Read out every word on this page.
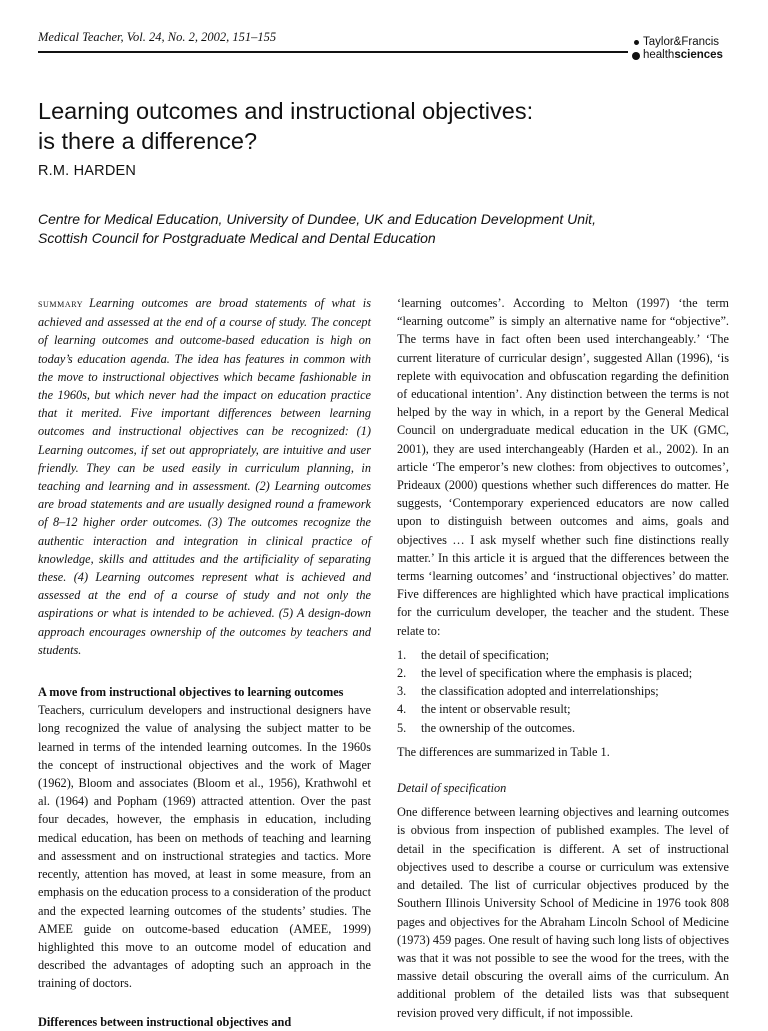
Medical Teacher, Vol. 24, No. 2, 2002, 151–155	Taylor&Francis
health sciences
Learning outcomes and instructional objectives:
is there a difference?
R.M. HARDEN
Centre for Medical Education, University of Dundee, UK and Education Development Unit,
Scottish Council for Postgraduate Medical and Dental Education

summary Learning outcomes are broad statements of what is achieved and assessed at the end of a course of study. The concept of learning outcomes and outcome-based education is high on today’s education agenda. The idea has features in common with the move to instructional objectives which became fashionable in the 1960s, but which never had the impact on education practice that it merited. Five important differences between learning outcomes and instructional objectives can be recognized: (1) Learning outcomes, if set out appropriately, are intuitive and user friendly. They can be used easily in curriculum planning, in teaching and learning and in assessment. (2) Learning outcomes are broad statements and are usually designed round a framework of 8–12 higher order outcomes. (3) The outcomes recognize the authentic interaction and integration in clinical practice of knowledge, skills and attitudes and the artificiality of separating these. (4) Learning outcomes represent what is achieved and assessed at the end of a course of study and not only the aspirations or what is intended to be achieved. (5) A design-down approach encourages ownership of the outcomes by teachers and students.

A move from instructional objectives to learning outcomes

Teachers, curriculum developers and instructional designers have long recognized the value of analysing the subject matter to be learned in terms of the intended learning outcomes. In the 1960s the concept of instructional objectives and the work of Mager (1962), Bloom and associates (Bloom et al., 1956), Krathwohl et al. (1964) and Popham (1969) attracted attention. Over the past four decades, however, the emphasis in education, including medical education, has been on methods of teaching and learning and assessment and on instructional strategies and tactics. More recently, attention has moved, at least in some measure, from an emphasis on the education process to a consideration of the product and the expected learning outcomes of the students’ studies. The AMEE guide on outcome-based education (AMEE, 1999) highlighted this move to an outcome model of education and described the advantages of adopting such an approach in the training of doctors.

Differences between instructional objectives and

‘learning outcomes’. According to Melton (1997) ‘the term “learning outcome” is simply an alternative name for “objective”. The terms have in fact often been used interchangeably.’ ‘The current literature of curricular design’, suggested Allan (1996), ‘is replete with equivocation and obfuscation regarding the definition of educational intention’. Any distinction between the terms is not helped by the way in which, in a report by the General Medical Council on undergraduate medical education in the UK (GMC, 2001), they are used interchangeably (Harden et al., 2002). In an article ‘The emperor’s new clothes: from objectives to outcomes’, Prideaux (2000) questions whether such differences do matter. He suggests, ‘Contemporary experienced educators are now called upon to distinguish between outcomes and aims, goals and objectives … I ask myself whether such fine distinctions really matter.’ In this article it is argued that the differences between the terms ‘learning outcomes’ and ‘instructional objectives’ do matter. Five differences are highlighted which have practical implications for the curriculum developer, the teacher and the student. These relate to:

1.	the detail of specification;
2.	the level of specification where the emphasis is placed;
3.	the classification adopted and interrelationships;
4.	the intent or observable result;
5.	the ownership of the outcomes.

The differences are summarized in Table 1.

Detail of specification

One difference between learning objectives and learning outcomes is obvious from inspection of published examples. The level of detail in the specification is different. A set of instructional objectives used to describe a course or curriculum was extensive and detailed. The list of curricular objectives produced by the Southern Illinois University School of Medicine in 1976 took 808 pages and objectives for the Abraham Lincoln School of Medicine (1973) 459 pages. One result of having such long lists of objectives was that it was not possible to see the wood for the trees, with the massive detail obscuring the overall aims of the curriculum. An additional problem of the detailed lists was that subsequent revision proved very difficult, if not impossible.
